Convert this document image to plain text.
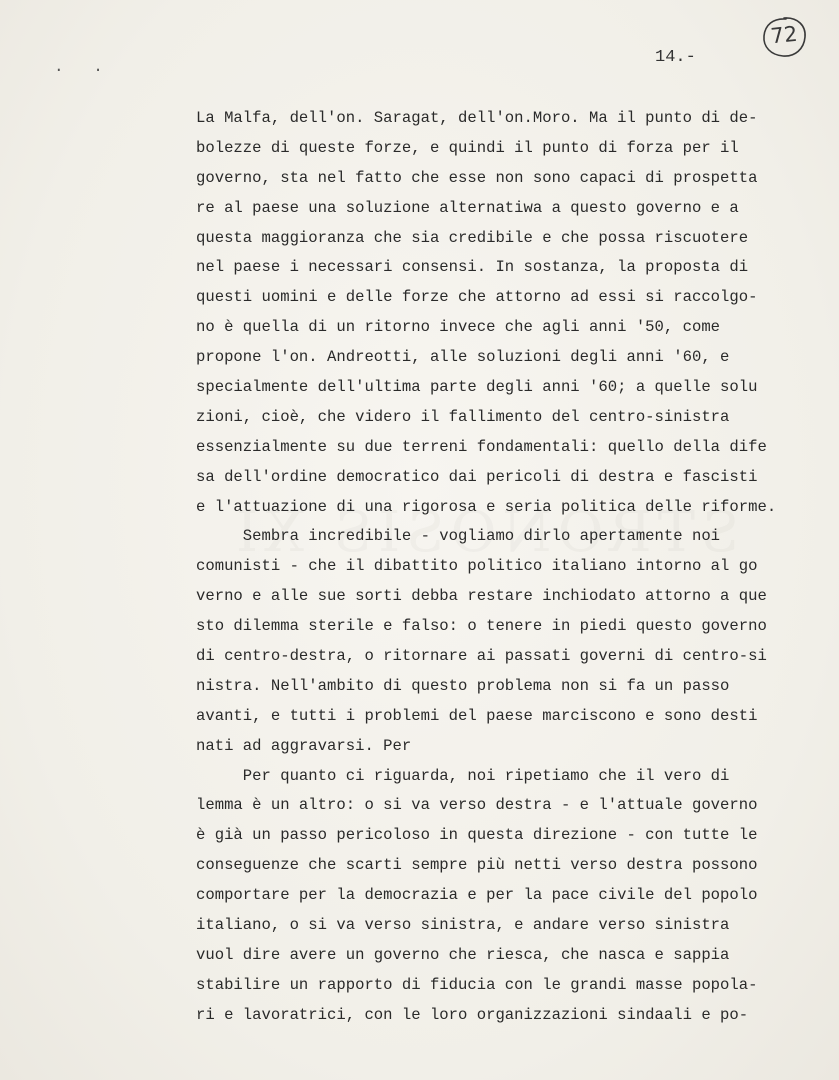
. .	14.-
72
La Malfa, dell'on. Saragat, dell'on.Moro. Ma il punto di de-
bolezze di queste forze, e quindi il punto di forza per il
governo, sta nel fatto che esse non sono capaci di prospetta
re al paese una soluzione alternatiwa a questo governo e a
questa maggioranza che sia credibile e che possa riscuotere
nel paese i necessari consensi. In sostanza, la proposta di
questi uomini e delle forze che attorno ad essi si raccolgo-
no è quella di un ritorno invece che agli anni '50, come
propone l'on. Andreotti, alle soluzioni degli anni '60, e
specialmente dell'ultima parte degli anni '60; a quelle solu
zioni, cioè, che videro il fallimento del centro-sinistra
essenzialmente su due terreni fondamentali: quello della dife
sa dell'ordine democratico dai pericoli di destra e fascisti
e l'attuazione di una rigorosa e seria politica delle riforme.
Sembra incredibile - vogliamo dirlo apertamente noi
comunisti - che il dibattito politico italiano intorno al go
verno e alle sue sorti debba restare inchiodato attorno a que
sto dilemma sterile e falso: o tenere in piedi questo governo
di centro-destra, o ritornare ai passati governi di centro-si
nistra. Nell'ambito di questo problema non si fa un passo
avanti, e tutti i problemi del paese marciscono e sono desti
nati ad aggravarsi. Per
Per quanto ci riguarda, noi ripetiamo che il vero di
lemma è un altro: o si va verso destra - e l'attuale governo
è già un passo pericoloso in questa direzione - con tutte le
conseguenze che scarti sempre più netti verso destra possono
comportare per la democrazia e per la pace civile del popolo
italiano, o si va verso sinistra, e andare verso sinistra
vuol dire avere un governo che riesca, che nasca e sappia
stabilire un rapporto di fiducia con le grandi masse popola-
ri e lavoratrici, con le loro organizzazioni sindaali e po-
